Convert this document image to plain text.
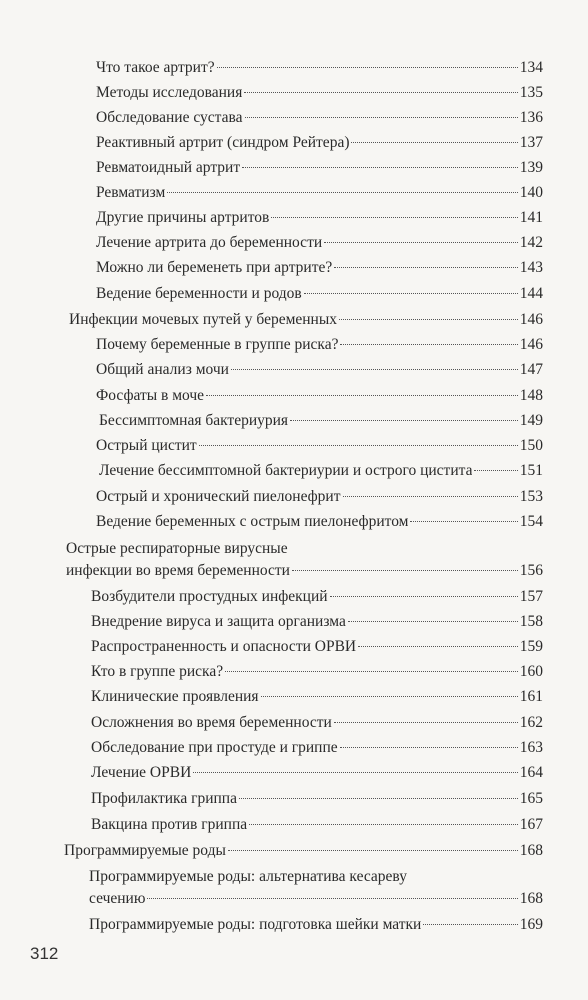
Что такое артрит?	134
Методы исследования	135
Обследование сустава	136
Реактивный артрит (синдром Рейтера)	137
Ревматоидный артрит	139
Ревматизм	140
Другие причины артритов	141
Лечение артрита до беременности	142
Можно ли беременеть при артрите?	143
Ведение беременности и родов	144
Инфекции мочевых путей у беременных	146
Почему беременные в группе риска?	146
Общий анализ мочи	147
Фосфаты в моче	148
Бессимптомная бактериурия	149
Острый цистит	150
Лечение бессимптомной бактериурии и острого цистита	151
Острый и хронический пиелонефрит	153
Ведение беременных с острым пиелонефритом	154
Острые респираторные вирусные
инфекции во время беременности	156
Возбудители простудных инфекций	157
Внедрение вируса и защита организма	158
Распространенность и опасности ОРВИ	159
Кто в группе риска?	160
Клинические проявления	161
Осложнения во время беременности	162
Обследование при простуде и гриппе	163
Лечение ОРВИ	164
Профилактика гриппа	165
Вакцина против гриппа	167
Программируемые роды	168
Программируемые роды: альтернатива кесареву
сечению	168
Программируемые роды: подготовка шейки матки	169
312
